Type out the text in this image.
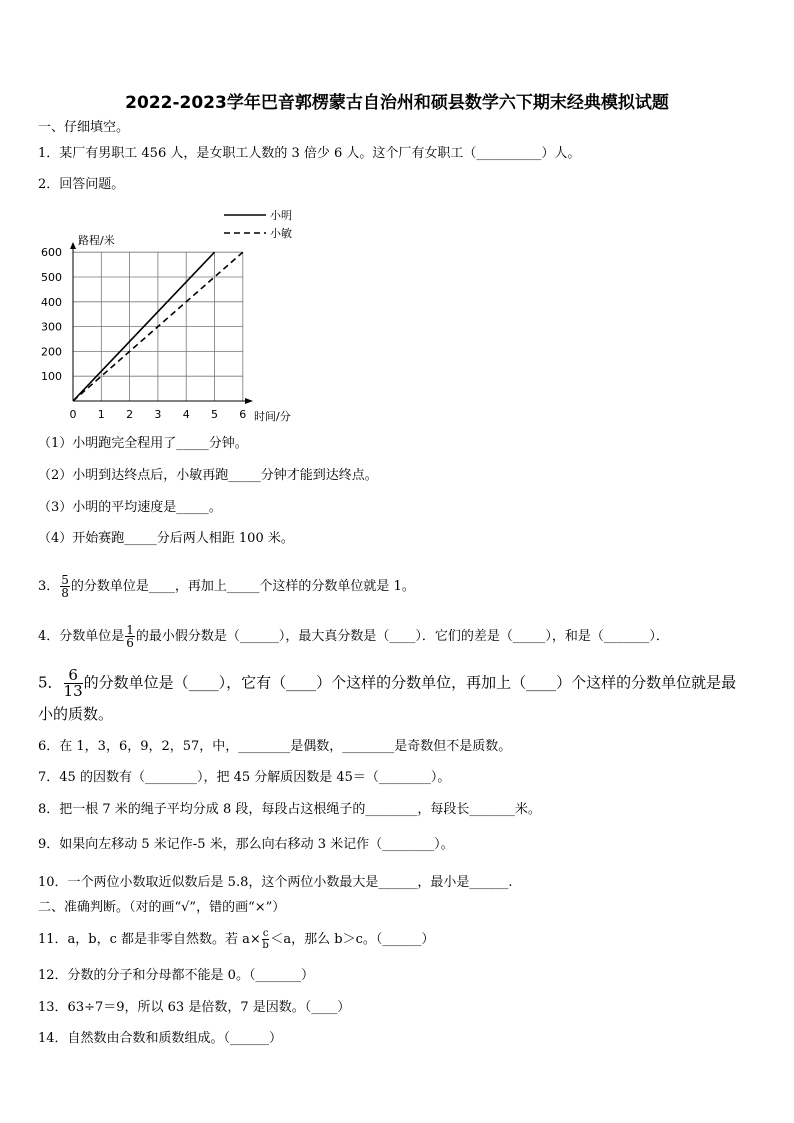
2022-2023学年巴音郭楞蒙古自治州和硕县数学六下期末经典模拟试题
一、仔细填空。
1．某厂有男职工 456 人，是女职工人数的 3 倍少 6 人。这个厂有女职工（__________）人。
2．回答问题。
0 1 2 3 4 5 6
100
200
300
400
500
600
小明
小敏
路程/米
时间/分
（1）小明跑完全程用了_____分钟。
（2）小明到达终点后，小敏再跑_____分钟才能到达终点。
（3）小明的平均速度是_____。
（4）开始赛跑_____分后两人相距 100 米。
3． $\frac{5}{8}$ 的分数单位是____，再加上_____个这样的分数单位就是 1。
4．分数单位是 $\frac{1}{6}$ 的最小假分数是（______），最大真分数是（____）．它们的差是（_____），和是（_______）．
5． $\frac{6}{13}$ 的分数单位是（____），它有（____）个这样的分数单位，再加上（____）个这样的分数单位就是最
小的质数。
6．在 1，3，6，9，2，57，中，________是偶数，________是奇数但不是质数。
7．45 的因数有（________），把 45 分解质因数是 45＝（________）。
8．把一根 7 米的绳子平均分成 8 段，每段占这根绳子的________，每段长_______米。
9．如果向左移动 5 米记作-5 米，那么向右移动 3 米记作（________）。
10．一个两位小数取近似数后是 5.8，这个两位小数最大是______，最小是______.
二、准确判断。（对的画“√”，错的画“×”）
11．a，b，c 都是非零自然数。若 $a\times \frac{c}{b} <a$，那么 b＞c。（______）
12．分数的分子和分母都不能是 0。（_______）
13．63÷7＝9，所以 63 是倍数，7 是因数。（____）
14．自然数由合数和质数组成。（______）
